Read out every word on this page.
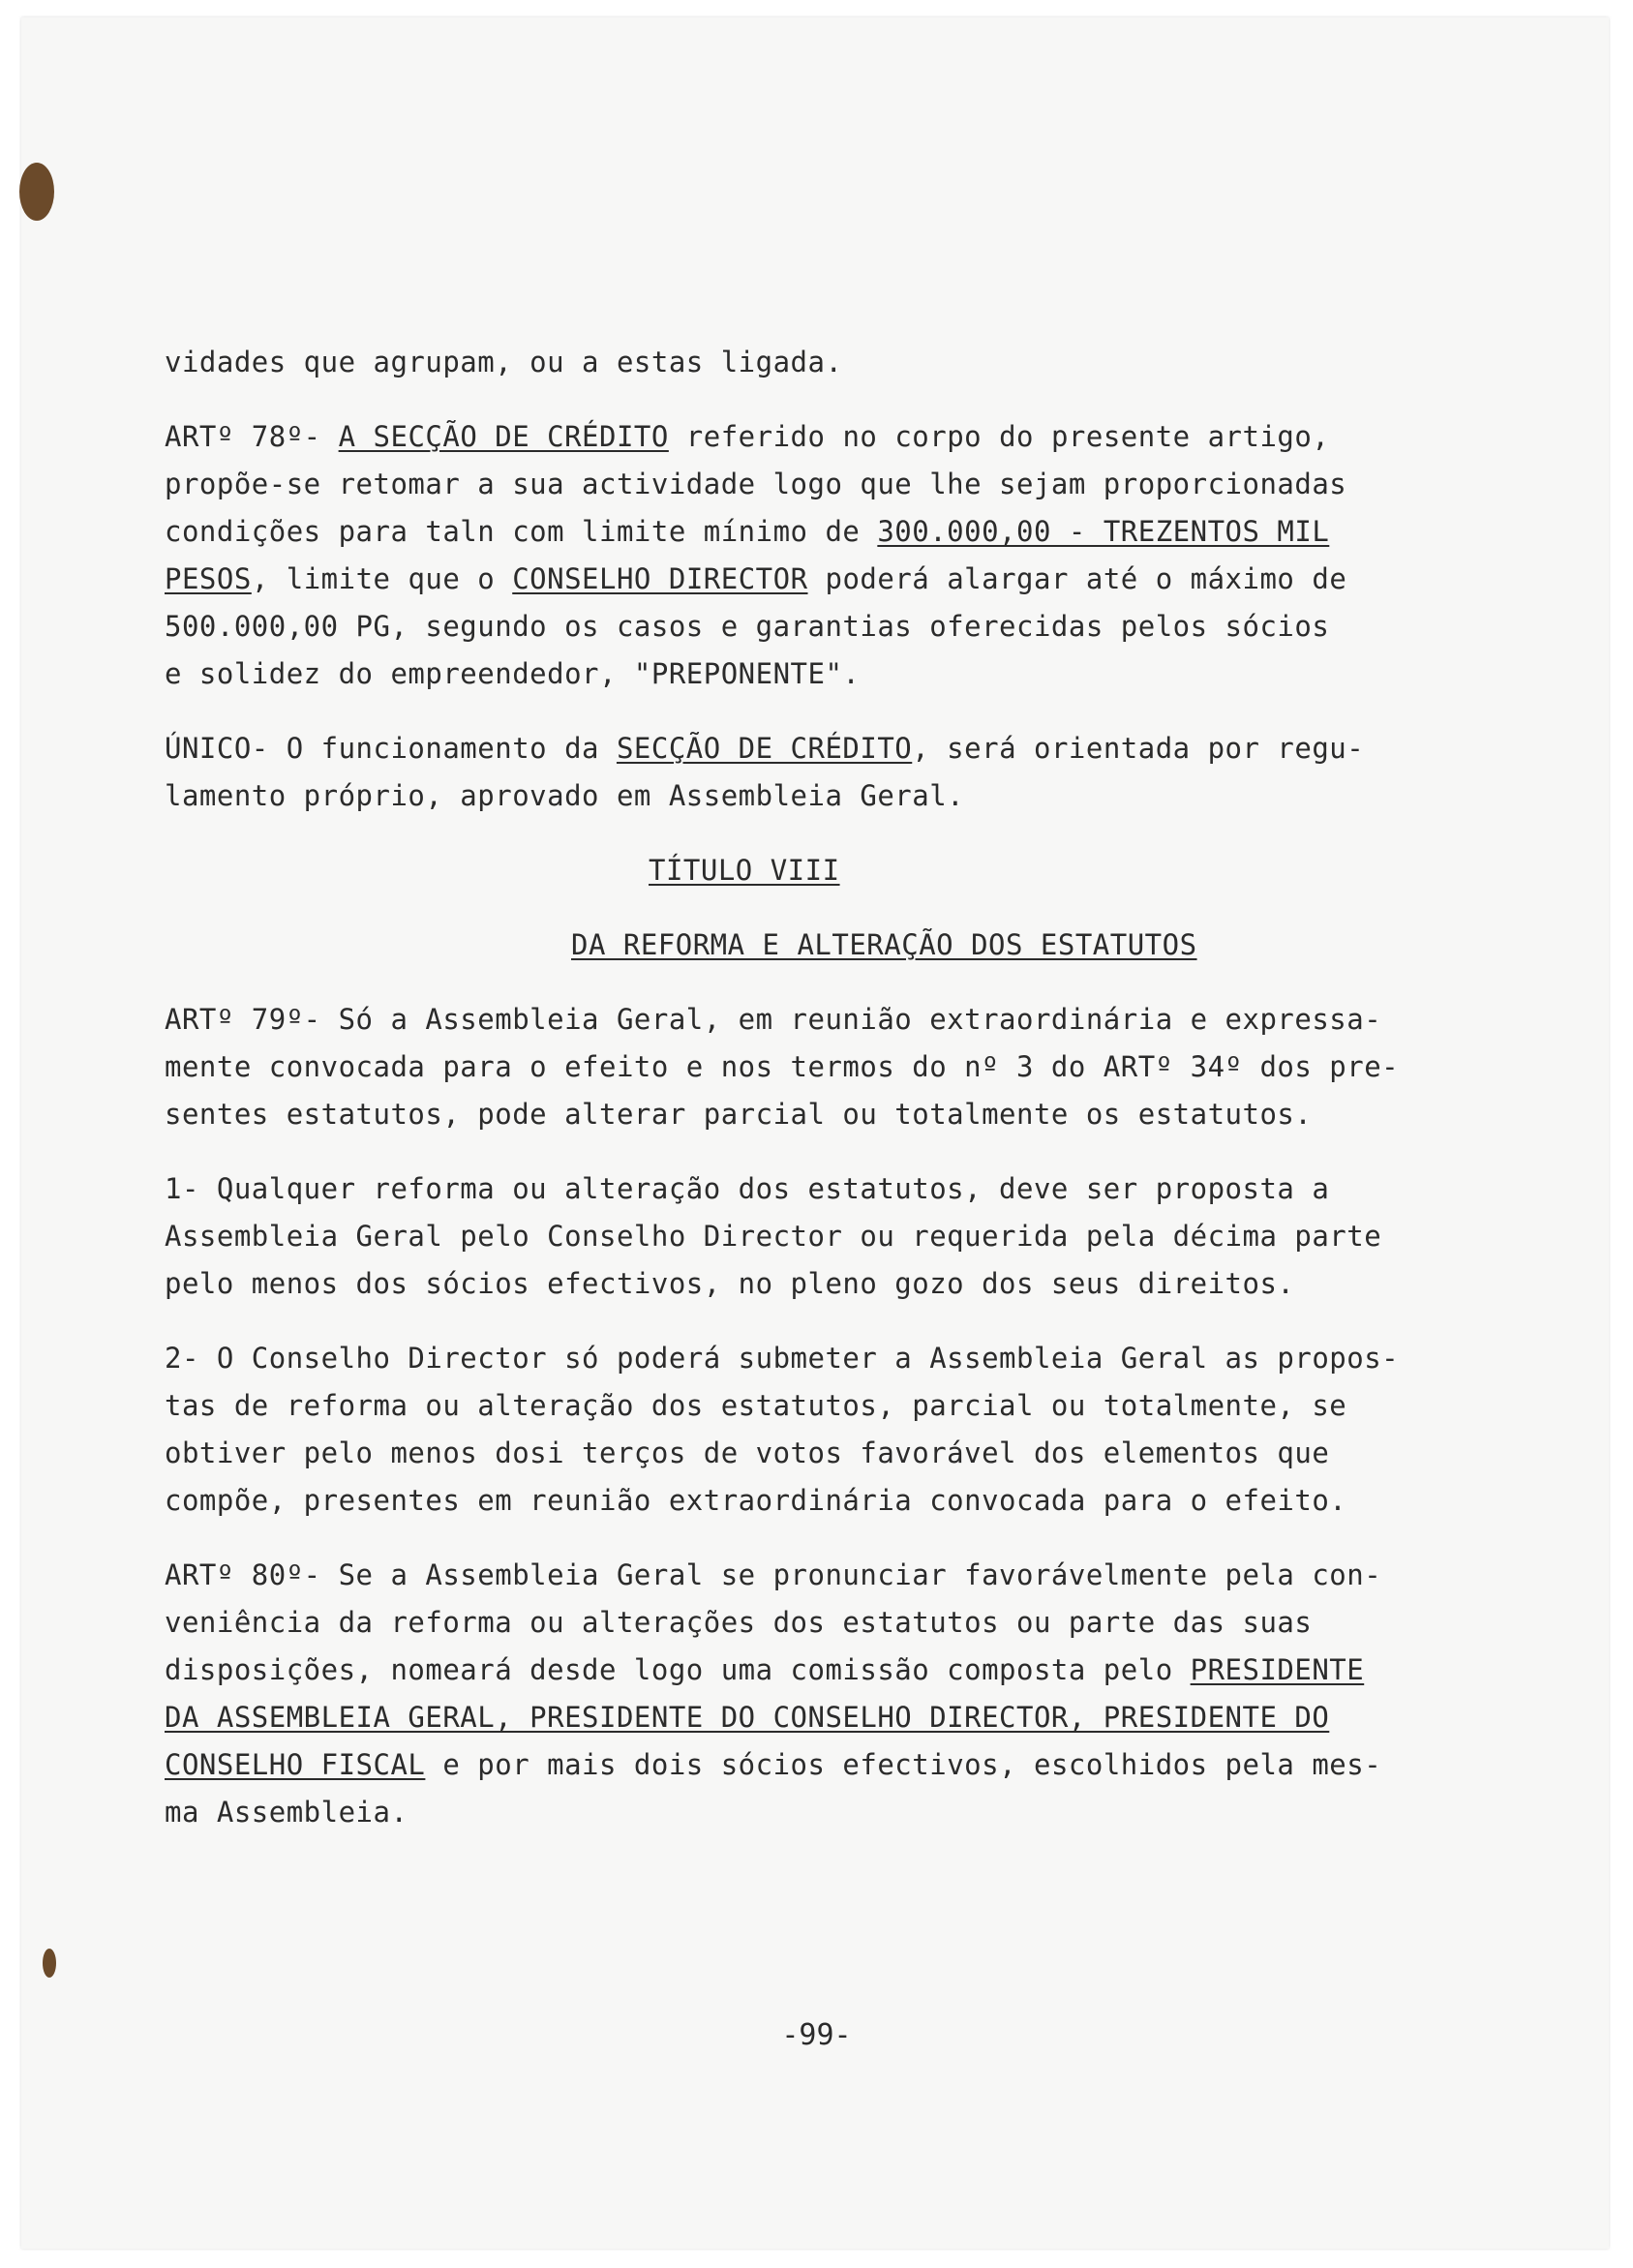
vidades que agrupam, ou a estas ligada.

ARTº 78º- A SECÇÃO DE CRÉDITO referido no corpo do presente artigo,

propõe-se retomar a sua actividade logo que lhe sejam proporcionadas

condições para taln com limite mínimo de 300.000,00 - TREZENTOS MIL

PESOS, limite que o CONSELHO DIRECTOR poderá alargar até o máximo de

500.000,00 PG, segundo os casos e garantias oferecidas pelos sócios

e solidez do empreendedor, "PREPONENTE".

ÚNICO- O funcionamento da SECÇÃO DE CRÉDITO, será orientada por regu-

lamento próprio, aprovado em Assembleia Geral.

TÍTULO VIII

DA REFORMA E ALTERAÇÃO DOS ESTATUTOS

ARTº 79º- Só a Assembleia Geral, em reunião extraordinária e expressa-

mente convocada para o efeito e nos termos do nº 3 do ARTº 34º dos pre-

sentes estatutos, pode alterar parcial ou totalmente os estatutos.

1- Qualquer reforma ou alteração dos estatutos, deve ser proposta a

Assembleia Geral pelo Conselho Director ou requerida pela décima parte

pelo menos dos sócios efectivos, no pleno gozo dos seus direitos.

2- O Conselho Director só poderá submeter a Assembleia Geral as propos-

tas de reforma ou alteração dos estatutos, parcial ou totalmente, se

obtiver pelo menos dosi terços de votos favorável dos elementos que

compõe, presentes em reunião extraordinária convocada para o efeito.

ARTº 80º- Se a Assembleia Geral se pronunciar favorávelmente pela con-

veniência da reforma ou alterações dos estatutos ou parte das suas

disposições, nomeará desde logo uma comissão composta pelo PRESIDENTE

DA ASSEMBLEIA GERAL, PRESIDENTE DO CONSELHO DIRECTOR, PRESIDENTE DO

CONSELHO FISCAL e por mais dois sócios efectivos, escolhidos pela mes-

ma Assembleia.

-99-
